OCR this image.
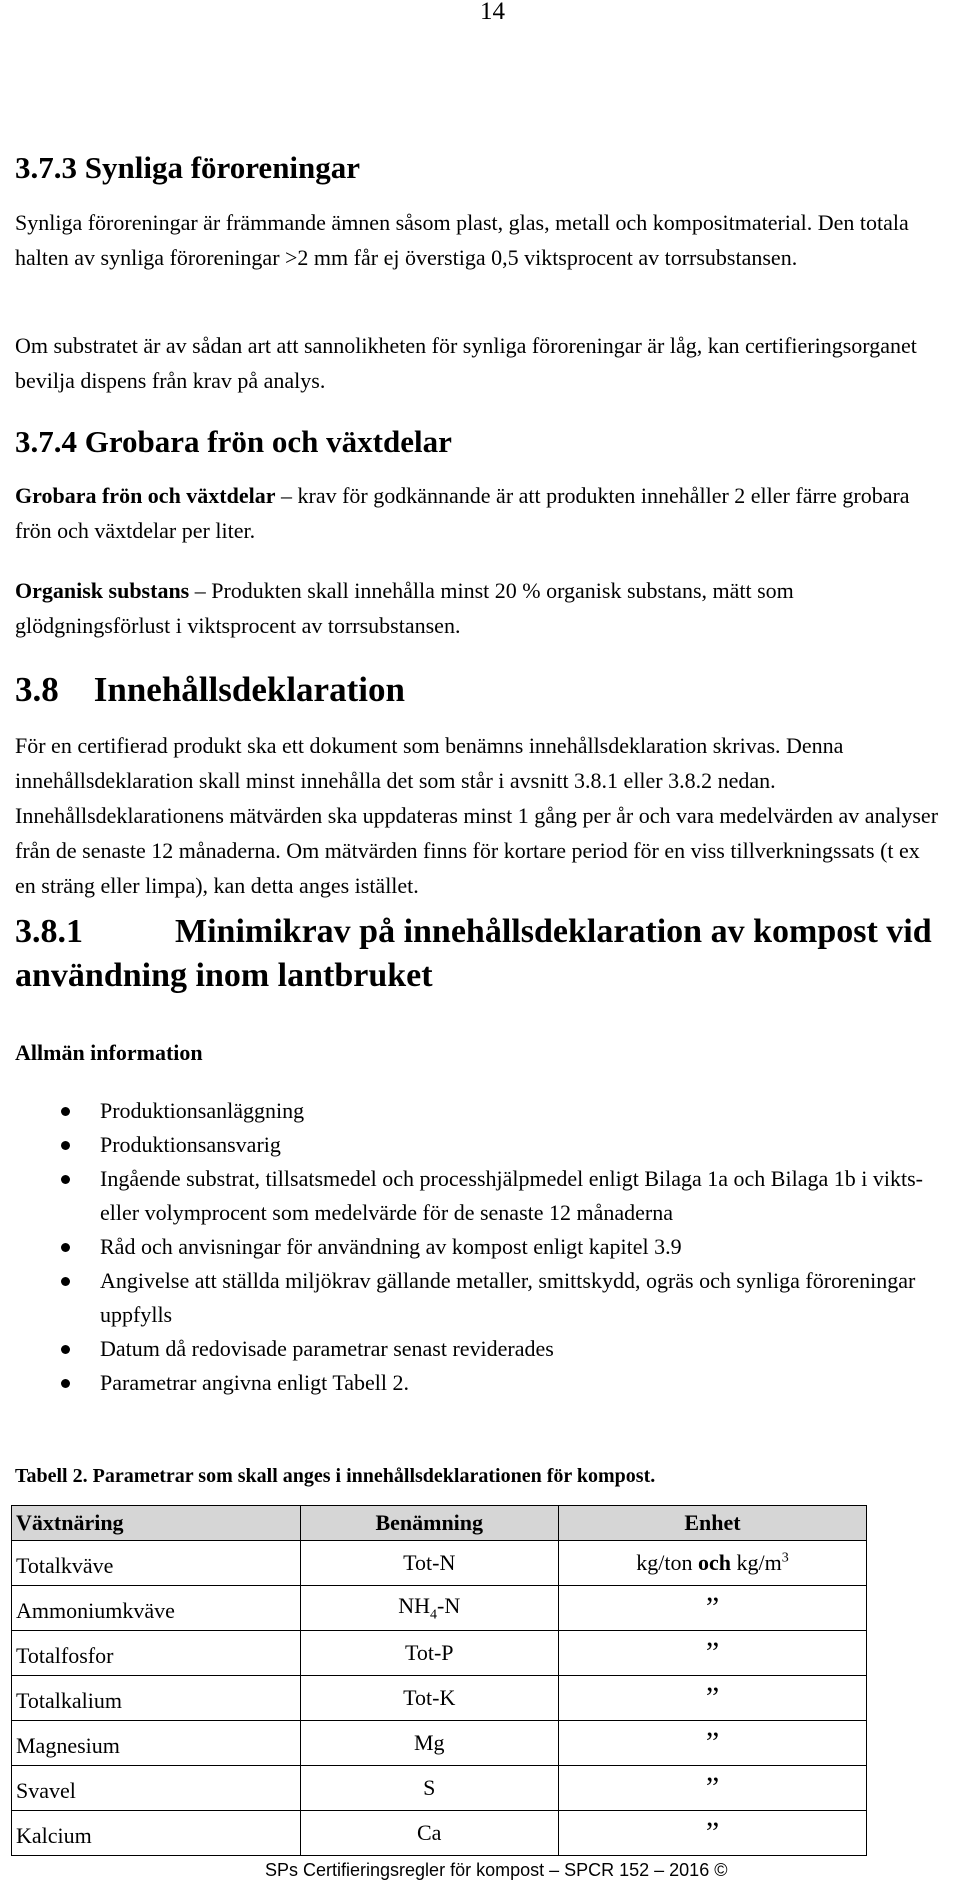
14
3.7.3 Synliga föroreningar

Synliga föroreningar är främmande ämnen såsom plast, glas, metall och kompositmaterial. Den totala halten av synliga föroreningar >2 mm får ej överstiga 0,5 viktsprocent av torrsubstansen.

Om substratet är av sådan art att sannolikheten för synliga föroreningar är låg, kan certifieringsorganet bevilja dispens från krav på analys.

3.7.4 Grobara frön och växtdelar

Grobara frön och växtdelar – krav för godkännande är att produkten innehåller 2 eller färre grobara frön och växtdelar per liter.

Organisk substans – Produkten skall innehålla minst 20 % organisk substans, mätt som glödgningsförlust i viktsprocent av torrsubstansen.

3.8    Innehållsdeklaration

För en certifierad produkt ska ett dokument som benämns innehållsdeklaration skrivas. Denna innehållsdeklaration skall minst innehålla det som står i avsnitt 3.8.1 eller 3.8.2 nedan. Innehållsdeklarationens mätvärden ska uppdateras minst 1 gång per år och vara medelvärden av analyser från de senaste 12 månaderna. Om mätvärden finns för kortare period för en viss tillverkningssats (t ex en sträng eller limpa), kan detta anges istället.

3.8.1	Minimikrav på innehållsdeklaration av kompost vid
användning inom lantbruket
Allmän information
Produktionsanläggning
Produktionsansvarig
Ingående substrat, tillsatsmedel och processhjälpmedel enligt Bilaga 1a och Bilaga 1b i vikts- eller volymprocent som medelvärde för de senaste 12 månaderna
Råd och anvisningar för användning av kompost enligt kapitel 3.9
Angivelse att ställda miljökrav gällande metaller, smittskydd, ogräs och synliga föroreningar uppfylls
Datum då redovisade parametrar senast reviderades
Parametrar angivna enligt Tabell 2.
Tabell 2. Parametrar som skall anges i innehållsdeklarationen för kompost.
Växtnäring	Benämning	Enhet
Totalkväve	Tot-N	kg/ton och $kg/m^3$
Ammoniumkväve	$NH_4-N$	”
Totalfosfor	Tot-P	”
Totalkalium	Tot-K	”
Magnesium	Mg	”
Svavel	S	”
Kalcium	Ca	”
SPs Certifieringsregler för kompost – SPCR 152 – 2016 ©
